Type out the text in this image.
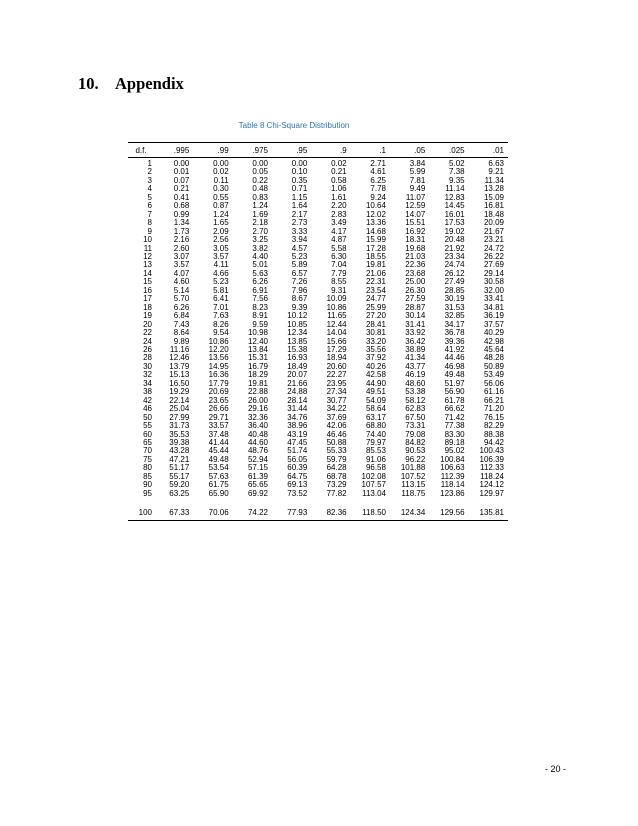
10. Appendix
Table 8 Chi-Square Distribution
d.f.	.995	.99	.975	.95	.9	.1	.05	.025	.01
1	0.00	0.00	0.00	0.00	0.02	2.71	3.84	5.02	6.63
2	0.01	0.02	0.05	0.10	0.21	4.61	5.99	7.38	9.21
3	0.07	0.11	0.22	0.35	0.58	6.25	7.81	9.35	11.34
4	0.21	0.30	0.48	0.71	1.06	7.78	9.49	11.14	13.28
5	0.41	0.55	0.83	1.15	1.61	9.24	11.07	12.83	15.09
6	0.68	0.87	1.24	1.64	2.20	10.64	12.59	14.45	16.81
7	0.99	1.24	1.69	2.17	2.83	12.02	14.07	16.01	18.48
8	1.34	1.65	2.18	2.73	3.49	13.36	15.51	17.53	20.09
9	1.73	2.09	2.70	3.33	4.17	14.68	16.92	19.02	21.67
10	2.16	2.56	3.25	3.94	4.87	15.99	18.31	20.48	23.21
11	2.60	3.05	3.82	4.57	5.58	17.28	19.68	21.92	24.72
12	3.07	3.57	4.40	5.23	6.30	18.55	21.03	23.34	26.22
13	3.57	4.11	5.01	5.89	7.04	19.81	22.36	24.74	27.69
14	4.07	4.66	5.63	6.57	7.79	21.06	23.68	26.12	29.14
15	4.60	5.23	6.26	7.26	8.55	22.31	25.00	27.49	30.58
16	5.14	5.81	6.91	7.96	9.31	23.54	26.30	28.85	32.00
17	5.70	6.41	7.56	8.67	10.09	24.77	27.59	30.19	33.41
18	6.26	7.01	8.23	9.39	10.86	25.99	28.87	31.53	34.81
19	6.84	7.63	8.91	10.12	11.65	27.20	30.14	32.85	36.19
20	7.43	8.26	9.59	10.85	12.44	28.41	31.41	34.17	37.57
22	8.64	9.54	10.98	12.34	14.04	30.81	33.92	36.78	40.29
24	9.89	10.86	12.40	13.85	15.66	33.20	36.42	39.36	42.98
26	11.16	12.20	13.84	15.38	17.29	35.56	38.89	41.92	45.64
28	12.46	13.56	15.31	16.93	18.94	37.92	41.34	44.46	48.28
30	13.79	14.95	16.79	18.49	20.60	40.26	43.77	46.98	50.89
32	15.13	16.36	18.29	20.07	22.27	42.58	46.19	49.48	53.49
34	16.50	17.79	19.81	21.66	23.95	44.90	48.60	51.97	56.06
38	19.29	20.69	22.88	24.88	27.34	49.51	53.38	56.90	61.16
42	22.14	23.65	26.00	28.14	30.77	54.09	58.12	61.78	66.21
46	25.04	26.66	29.16	31.44	34.22	58.64	62.83	66.62	71.20
50	27.99	29.71	32.36	34.76	37.69	63.17	67.50	71.42	76.15
55	31.73	33.57	36.40	38.96	42.06	68.80	73.31	77.38	82.29
60	35.53	37.48	40.48	43.19	46.46	74.40	79.08	83.30	88.38
65	39.38	41.44	44.60	47.45	50.88	79.97	84.82	89.18	94.42
70	43.28	45.44	48.76	51.74	55.33	85.53	90.53	95.02	100.43
75	47.21	49.48	52.94	56.05	59.79	91.06	96.22	100.84	106.39
80	51.17	53.54	57.15	60.39	64.28	96.58	101.88	106.63	112.33
85	55.17	57.63	61.39	64.75	68.78	102.08	107.52	112.39	118.24
90	59.20	61.75	65.65	69.13	73.29	107.57	113.15	118.14	124.12
95	63.25	65.90	69.92	73.52	77.82	113.04	118.75	123.86	129.97

100	67.33	70.06	74.22	77.93	82.36	118.50	124.34	129.56	135.81
- 20 -
